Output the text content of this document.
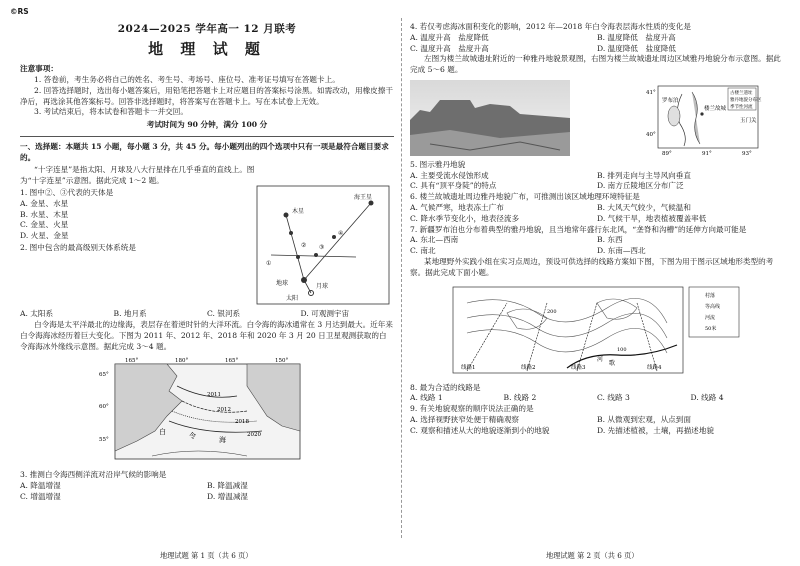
©RS
2024—2025 学年高一 12 月联考
地 理 试 题
注意事项：
1. 答卷前，考生务必将自己的姓名、考生号、考场号、座位号、准考证号填写在答题卡上。
2. 回答选择题时，选出每小题答案后，用铅笔把答题卡上对应题目的答案标号涂黑。如需改动，用橡皮擦干净后，再选涂其他答案标号。回答非选择题时，将答案写在答题卡上。写在本试卷上无效。
3. 考试结束后，将本试卷和答题卡一并交回。
考试时间为 90 分钟，满分 100 分
一、选择题：本题共 15 小题，每小题 3 分，共 45 分。每小题列出的四个选项中只有一项是最符合题目要求的。
“十字连星”是指太阳、月球及八大行星排在几乎垂直的直线上。图为“十字连星”示意图。据此完成 1～2 题。
1. 图中②、③代表的天体是
A. 金星、水星
B. 水星、木星
C. 金星、火星
D. 火星、金星
2. 图中包含的最高级别天体系统是
木星
海王星
地球
太阳
月球
①
② ③
④
A. 太阳系	B. 地月系	C. 银河系	D. 可观测宇宙
白令海是太平洋最北的边缘海，表层存在着逆时针的大洋环流。白令海的海冰通常在 3 月达到最大。近年来白令海海冰经历着巨大变化。下图为 2011 年、2012 年、2018 年和 2020 年 3 月 20 日卫星观测获取的白令海海冰外缘线示意图。据此完成 3～4 题。
165°	180°	165°	150°
65°
60°
55°
白	令	海
2011
2012
2018
2020
3. 推测白令海西侧洋流对沿岸气候的影响是
A. 降温增湿	B. 降温减湿
C. 增温增湿	D. 增温减湿
地理试题 第 1 页（共 6 页）
4. 若仅考虑海冰面积变化的影响，2012 年—2018 年白令海表层海水性质的变化是
A. 温度升高　盐度降低	B. 温度降低　盐度升高
C. 温度升高　盐度升高	D. 温度降低　盐度降低
左图为楼兰故城遗址附近的一种雅丹地貌景观图，右图为楼兰故城遗址周边区域雅丹地貌分布示意图。据此完成 5～6 题。
41°
40°
89°	91°	93°
罗布泊
楼兰故城
玉门关
古楼兰遗址
雅丹地貌分布区
季节性河流
5. 图示雅丹地貌
A. 主要受流水侵蚀形成	B. 排列走向与主导风向垂直
C. 具有“顶平身陡”的特点	D. 南方丘陵地区分布广泛
6. 楼兰故城遗址周边雅丹地貌广布，可推测出该区域地理环境特征是
A. 气候严寒，地表冻土广布	B. 大风天气较少，气候温和
C. 降水季节变化小，地表径流多	D. 气候干旱，地表植被覆盖率低
7. 新疆罗布泊也分布着典型的雅丹地貌，且当地常年盛行东北风，“垄脊和沟槽”的延伸方向最可能是
A. 东北—西南	B. 东西
C. 南北	D. 东南—西北
某地理野外实践小组在实习点周边，预设可供选择的线路方案如下图，下图为用于图示区域地形类型的考察。据此完成下面小题。
线路1	线路2	线路3	线路4
100
200
河
歌
村落
等高线
河流
50米
8. 最为合适的线路是
A. 线路 1	B. 线路 2	C. 线路 3	D. 线路 4
9. 有关地貌观察的顺序说法正确的是
A. 选择视野狭窄处便于精确观察	B. 从微观到宏观，从点到面
C. 观察和描述从大的地貌逐渐到小的地貌	D. 先描述植被，土壤，再描述地貌
地理试题 第 2 页（共 6 页）
